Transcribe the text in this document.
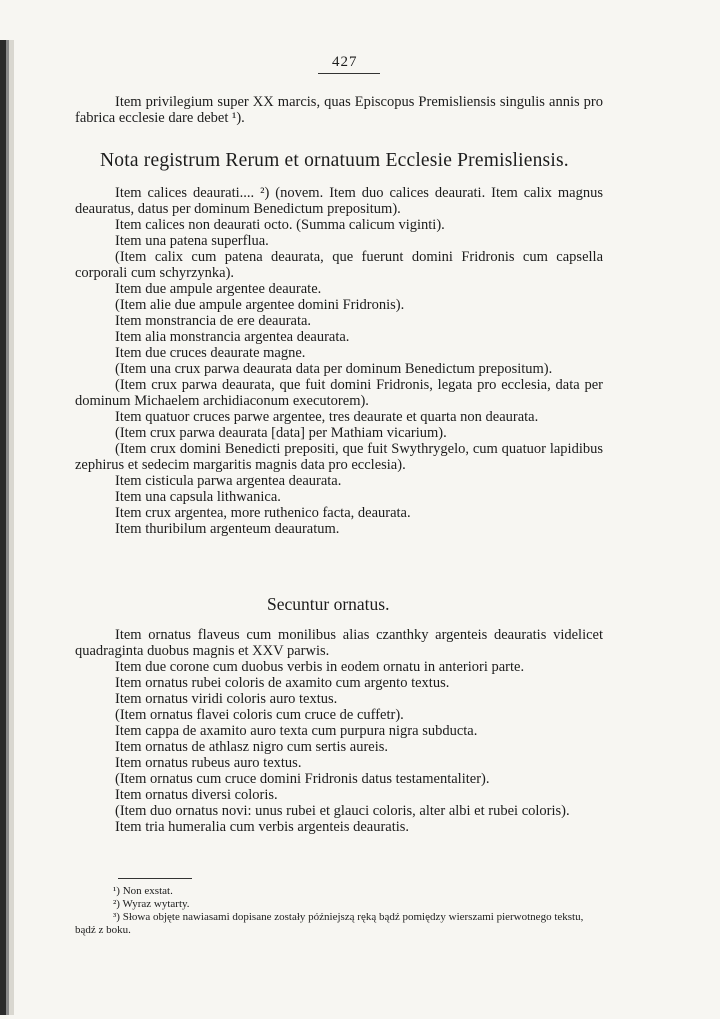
427

Item privilegium super XX marcis, quas Episcopus Premisliensis singulis annis pro fabrica ecclesie dare debet ¹).

Nota registrum Rerum et ornatuum Ecclesie Premisliensis.

Item calices deaurati.... ²) (novem. Item duo calices deaurati. Item calix magnus deauratus, datus per dominum Benedictum prepositum).

Item calices non deaurati octo. (Summa calicum viginti).

Item una patena superflua.

(Item calix cum patena deaurata, que fuerunt domini Fridronis cum capsella corporali cum schyrzynka).

Item due ampule argentee deaurate.

(Item alie due ampule argentee domini Fridronis).

Item monstrancia de ere deaurata.

Item alia monstrancia argentea deaurata.

Item due cruces deaurate magne.

(Item una crux parwa deaurata data per dominum Benedictum prepositum).

(Item crux parwa deaurata, que fuit domini Fridronis, legata pro ecclesia, data per dominum Michaelem archidiaconum executorem).

Item quatuor cruces parwe argentee, tres deaurate et quarta non deaurata.

(Item crux parwa deaurata [data] per Mathiam vicarium).

(Item crux domini Benedicti prepositi, que fuit Swythrygelo, cum quatuor lapidibus zephirus et sedecim margaritis magnis data pro ecclesia).

Item cisticula parwa argentea deaurata.

Item una capsula lithwanica.

Item crux argentea, more ruthenico facta, deaurata.

Item thuribilum argenteum deauratum.

Secuntur ornatus.

Item ornatus flaveus cum monilibus alias czanthky argenteis deauratis videlicet quadraginta duobus magnis et XXV parwis.

Item due corone cum duobus verbis in eodem ornatu in anteriori parte.

Item ornatus rubei coloris de axamito cum argento textus.

Item ornatus viridi coloris auro textus.

(Item ornatus flavei coloris cum cruce de cuffetr).

Item cappa de axamito auro texta cum purpura nigra subducta.

Item ornatus de athlasz nigro cum sertis aureis.

Item ornatus rubeus auro textus.

(Item ornatus cum cruce domini Fridronis datus testamentaliter).

Item ornatus diversi coloris.

(Item duo ornatus novi: unus rubei et glauci coloris, alter albi et rubei coloris).

Item tria humeralia cum verbis argenteis deauratis.

¹) Non exstat.

²) Wyraz wytarty.

³) Słowa objęte nawiasami dopisane zostały późniejszą ręką bądź pomiędzy wierszami pierwotnego tekstu, bądź z boku.
